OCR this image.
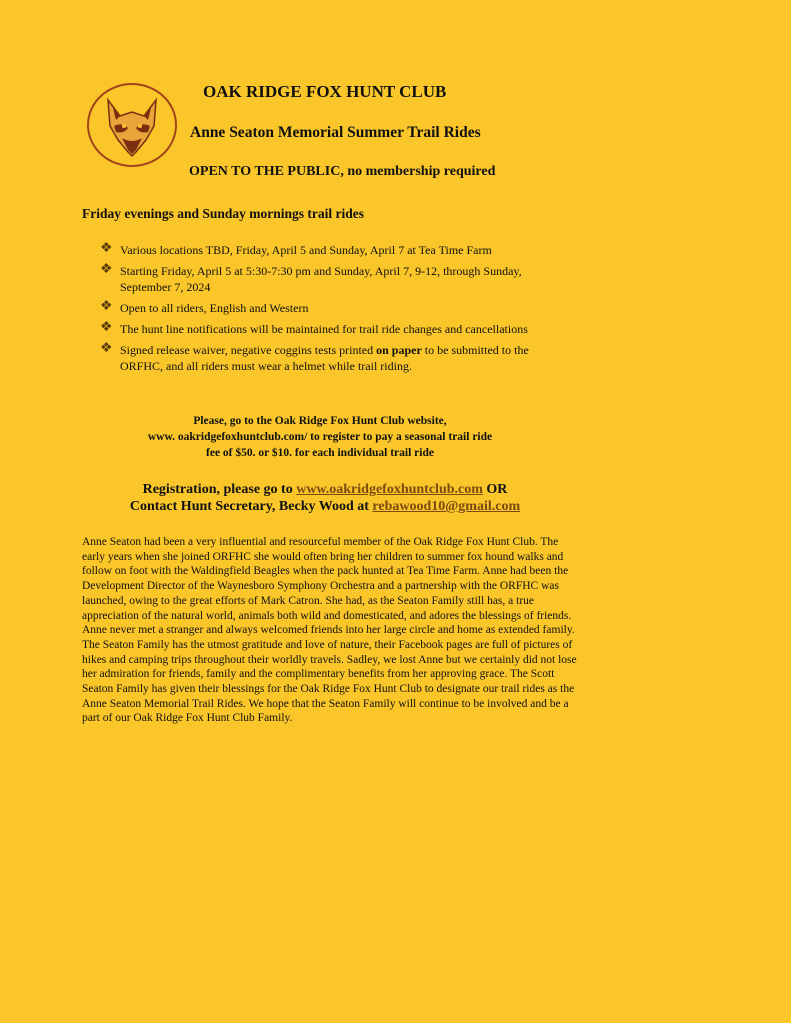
OAK RIDGE FOX HUNT CLUB
Anne Seaton Memorial Summer Trail Rides

OPEN TO THE PUBLIC, no membership required

Friday evenings and Sunday mornings trail rides

❖ Various locations TBD, Friday, April 5 and Sunday, April 7 at Tea Time Farm
❖ Starting Friday, April 5 at 5:30-7:30 pm and Sunday, April 7, 9-12, through Sunday, September 7, 2024
❖ Open to all riders, English and Western
❖ The hunt line notifications will be maintained for trail ride changes and cancellations
❖ Signed release waiver, negative coggins tests printed on paper to be submitted to the ORFHC, and all riders must wear a helmet while trail riding.

Please, go to the Oak Ridge Fox Hunt Club website,
www. oakridgefoxhuntclub.com/ to register to pay a seasonal trail ride
fee of $50. or $10. for each individual trail ride

Registration, please go to www.oakridgefoxhuntclub.com OR
Contact Hunt Secretary, Becky Wood at rebawood10@gmail.com

Anne Seaton had been a very influential and resourceful member of the Oak Ridge Fox Hunt Club. The early years when she joined ORFHC she would often bring her children to summer fox hound walks and follow on foot with the Waldingfield Beagles when the pack hunted at Tea Time Farm. Anne had been the Development Director of the Waynesboro Symphony Orchestra and a partnership with the ORFHC was launched, owing to the great efforts of Mark Catron. She had, as the Seaton Family still has, a true appreciation of the natural world, animals both wild and domesticated, and adores the blessings of friends. Anne never met a stranger and always welcomed friends into her large circle and home as extended family. The Seaton Family has the utmost gratitude and love of nature, their Facebook pages are full of pictures of hikes and camping trips throughout their worldly travels. Sadley, we lost Anne but we certainly did not lose her admiration for friends, family and the complimentary benefits from her approving grace. The Scott Seaton Family has given their blessings for the Oak Ridge Fox Hunt Club to designate our trail rides as the Anne Seaton Memorial Trail Rides. We hope that the Seaton Family will continue to be involved and be a part of our Oak Ridge Fox Hunt Club Family.
